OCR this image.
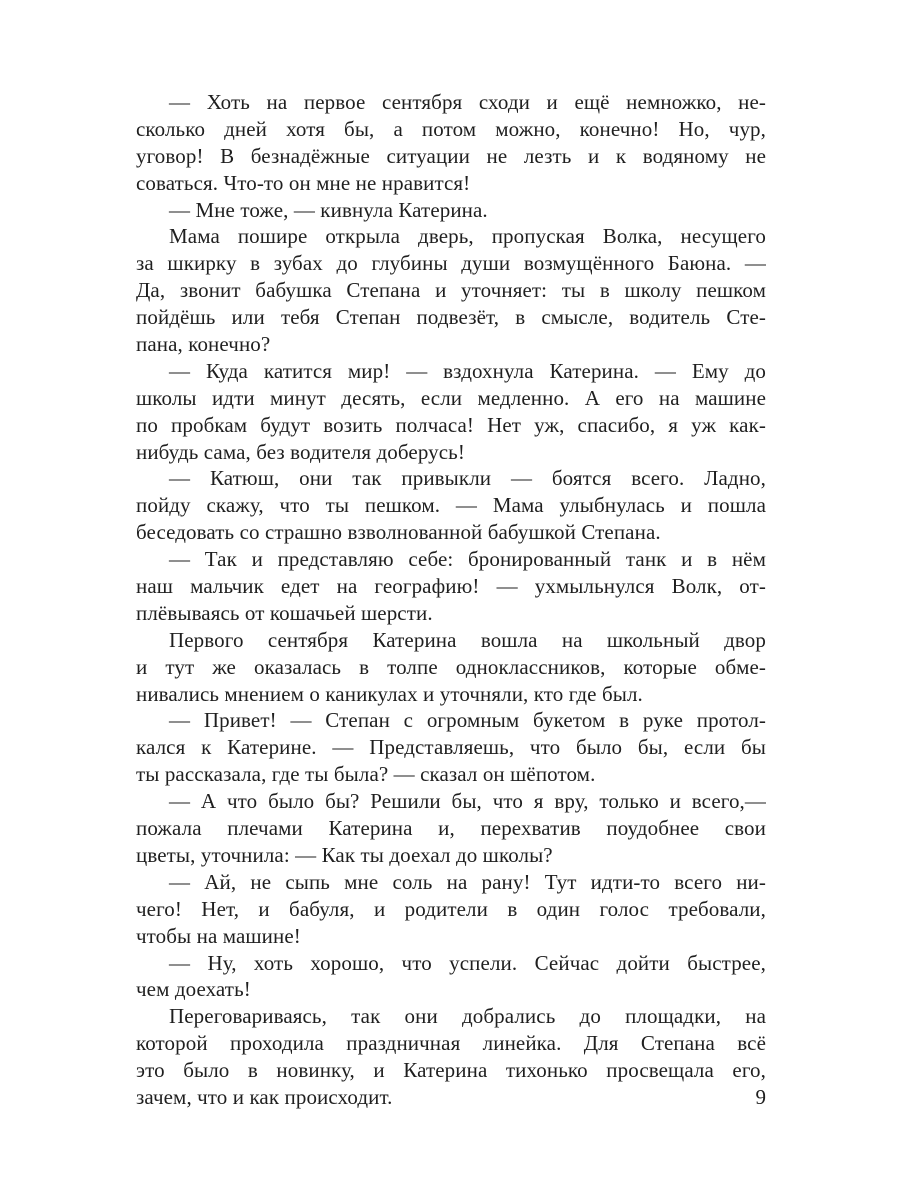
— Хоть на первое сентября сходи и ещё немножко, не-
сколько дней хотя бы, а потом можно, конечно! Но, чур,
уговор! В безнадёжные ситуации не лезть и к водяному не
соваться. Что-то он мне не нравится!
— Мне тоже, — кивнула Катерина.
Мама пошире открыла дверь, пропуская Волка, несущего
за шкирку в зубах до глубины души возмущённого Баюна. —
Да, звонит бабушка Степана и уточняет: ты в школу пешком
пойдёшь или тебя Степан подвезёт, в смысле, водитель Сте-
пана, конечно?
— Куда катится мир! — вздохнула Катерина. — Ему до
школы идти минут десять, если медленно. А его на машине
по пробкам будут возить полчаса! Нет уж, спасибо, я уж как-
нибудь сама, без водителя доберусь!
— Катюш, они так привыкли — боятся всего. Ладно,
пойду скажу, что ты пешком. — Мама улыбнулась и пошла
беседовать со страшно взволнованной бабушкой Степана.
— Так и представляю себе: бронированный танк и в нём
наш мальчик едет на географию! — ухмыльнулся Волк, от-
плёвываясь от кошачьей шерсти.
Первого сентября Катерина вошла на школьный двор
и тут же оказалась в толпе одноклассников, которые обме-
нивались мнением о каникулах и уточняли, кто где был.
— Привет! — Степан с огромным букетом в руке протол-
кался к Катерине. — Представляешь, что было бы, если бы
ты рассказала, где ты была? — сказал он шёпотом.
— А что было бы? Решили бы, что я вру, только и всего,—
пожала плечами Катерина и, перехватив поудобнее свои
цветы, уточнила: — Как ты доехал до школы?
— Ай, не сыпь мне соль на рану! Тут идти-то всего ни-
чего! Нет, и бабуля, и родители в один голос требовали,
чтобы на машине!
— Ну, хоть хорошо, что успели. Сейчас дойти быстрее,
чем доехать!
Переговариваясь, так они добрались до площадки, на
которой проходила праздничная линейка. Для Степана всё
это было в новинку, и Катерина тихонько просвещала его,
зачем, что и как происходит.	9
